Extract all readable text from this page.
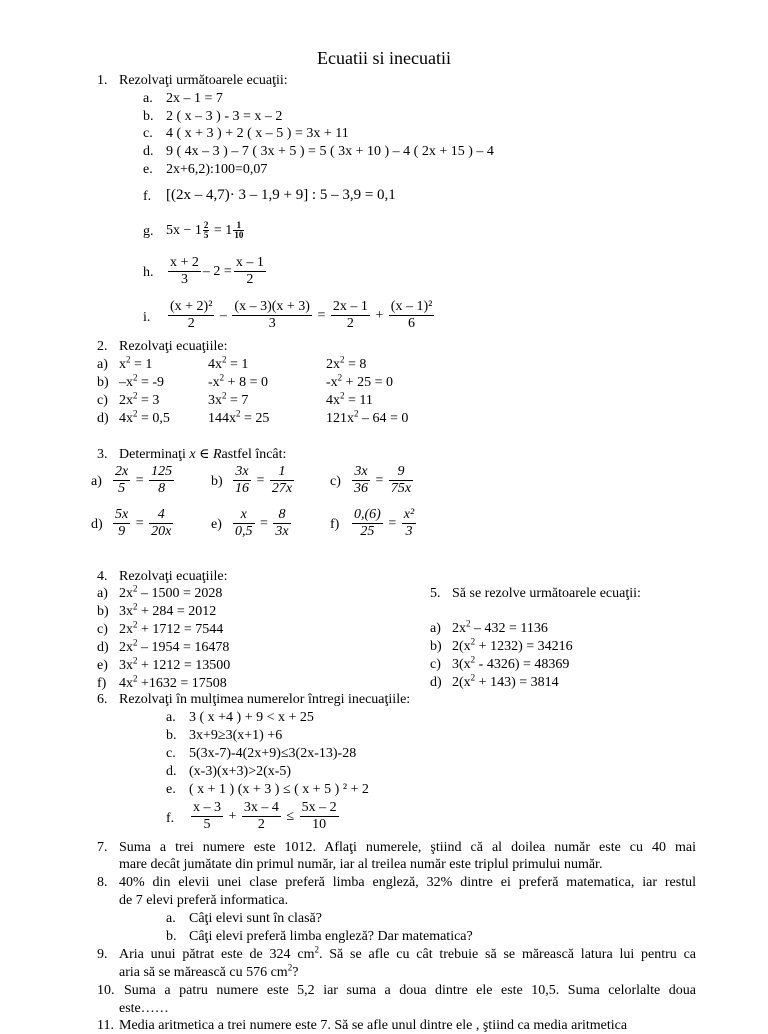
Ecuatii si inecuatii
1. Rezolvaţi următoarele ecuaţii:
a. 2x – 1 = 7
b. 2 ( x – 3 ) - 3 = x – 2
c. 4 ( x + 3 ) + 2 ( x – 5 ) = 3x + 11
d. 9 ( 4x – 3 ) – 7 ( 3x + 5 ) = 5 ( 3x + 10 ) – 4 ( 2x + 15 ) – 4
e. 2x+6,2):100=0,07
f. [(2x – 4,7)· 3 – 1,9 + 9] : 5 – 3,9 = 0,1
g. $5x - 1 \frac{2}{5} = 1 \frac{1}{10}$
h. $\frac{x + 2}{3} - 2 = \frac{x - 1}{2}$
i. $\frac{\text{(x + 2)²}}{2} - \frac{(x - 3)(x + 3)}{3} = \frac{2x - 1}{2} + \frac{\text{(x – 1)²}}{6}$
2. Rezolvaţi ecuaţiile:
a) $x^2 = 1$	$4x^2 = 1$	$2x^2 = 8$
b) $-x^2 = -9$	$-x^2 + 8 = 0$	$-x^2 + 25 = 0$
c) $2x^2 = 3$	$3x^2 = 7$	$4x^2 = 11$
d) $4x^2 = 0,5$	$144x^2 = 25$	$121x^2 - 64 = 0$
3. Determinaţi x ∈ Rastfel încât:
$a) \frac{2x}{5} = \frac{125}{8}$	$b) \frac{3x}{16} = \frac{1}{27x}$	$c) \frac{3x}{36} = \frac{9}{75x}$
$d) \frac{5x}{9} = \frac{4}{20x}$	$e) \frac{x}{0,5} = \frac{8}{3x}$	$f) \frac{0,(6)}{25} = \frac{\text{x²}}{3}$
4. Rezolvaţi ecuaţiile:
a) $2x^2 - 1500 = 2028$
b) $3x^2 + 284 = 2012$
c) $2x^2 + 1712 = 7544$
d) $2x^2 - 1954 = 16478$
e) $3x^2 + 1212 = 13500$
f) $4x^2 +1632 = 17508$
5. Să se rezolve următoarele ecuaţii:
a) $2x^2 - 432 = 1136$
b) $2(x^2 + 1232) = 34216$
c) $3(x^2 - 4326) = 48369$
d) $2(x^2 + 143) = 3814$
6. Rezolvaţi în mulţimea numerelor întregi inecuaţiile:
a. 3 ( x +4 ) + 9 < x + 25
b. 3x+9≥3(x+1) +6
c. 5(3x-7)-4(2x+9)≤3(2x-13)-28
d. (x-3)(x+3)>2(x-5)
e. ( x + 1 ) (x + 3 ) ≤ ( x + 5 ) ² + 2
f. $\frac{x - 3}{5} + \frac{3x - 4}{2} \le \frac{5x - 2}{10}$
7. Suma a trei numere este 1012. Aflaţi numerele, ştiind că al doilea număr este cu 40 mai
mare decât jumătate din primul număr, iar al treilea număr este triplul primului număr.
8. 40% din elevii unei clase preferă limba engleză, 32% dintre ei preferă matematica, iar restul
de 7 elevi preferă informatica.
a. Câţi elevi sunt în clasă?
b. Câţi elevi preferă limba engleză? Dar matematica?
9. Aria unui pătrat este de 324 $cm^2$. Să se afle cu cât trebuie să se mărească latura lui pentru ca
aria să se mărească cu 576 $cm^2$?
10. Suma a patru numere este 5,2 iar suma a doua dintre ele este 10,5. Suma celorlalte doua
este……
11. Media aritmetica a trei numere este 7. Să se afle unul dintre ele , ştiind ca media aritmetica
